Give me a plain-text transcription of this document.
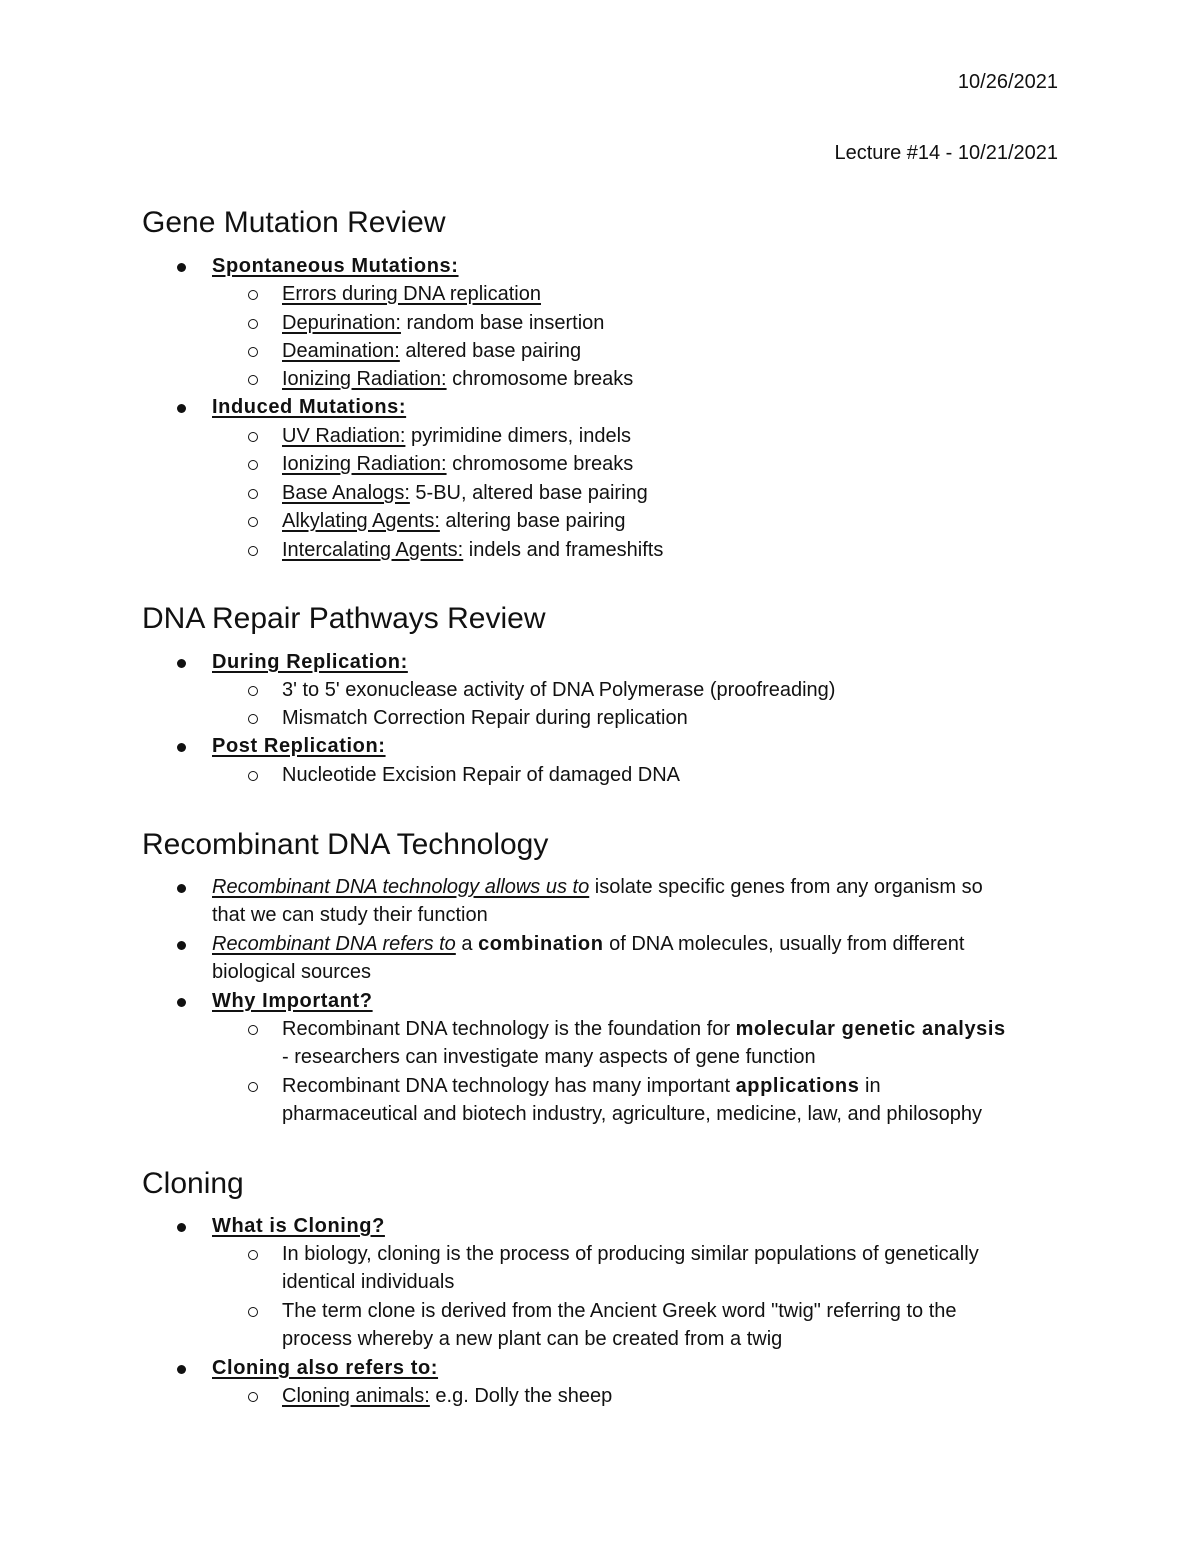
10/26/2021
Lecture #14 - 10/21/2021
Gene Mutation Review
Spontaneous Mutations:
Errors during DNA replication
Depurination: random base insertion
Deamination: altered base pairing
Ionizing Radiation: chromosome breaks
Induced Mutations:
UV Radiation: pyrimidine dimers, indels
Ionizing Radiation: chromosome breaks
Base Analogs: 5-BU, altered base pairing
Alkylating Agents: altering base pairing
Intercalating Agents: indels and frameshifts
DNA Repair Pathways Review
During Replication:
3' to 5' exonuclease activity of DNA Polymerase (proofreading)
Mismatch Correction Repair during replication
Post Replication:
Nucleotide Excision Repair of damaged DNA
Recombinant DNA Technology
Recombinant DNA technology allows us to isolate specific genes from any organism so
that we can study their function
Recombinant DNA refers to a combination of DNA molecules, usually from different
biological sources
Why Important?
Recombinant DNA technology is the foundation for molecular genetic analysis
- researchers can investigate many aspects of gene function
Recombinant DNA technology has many important applications in
pharmaceutical and biotech industry, agriculture, medicine, law, and philosophy
Cloning
What is Cloning?
In biology, cloning is the process of producing similar populations of genetically
identical individuals
The term clone is derived from the Ancient Greek word "twig" referring to the
process whereby a new plant can be created from a twig
Cloning also refers to:
Cloning animals: e.g. Dolly the sheep
